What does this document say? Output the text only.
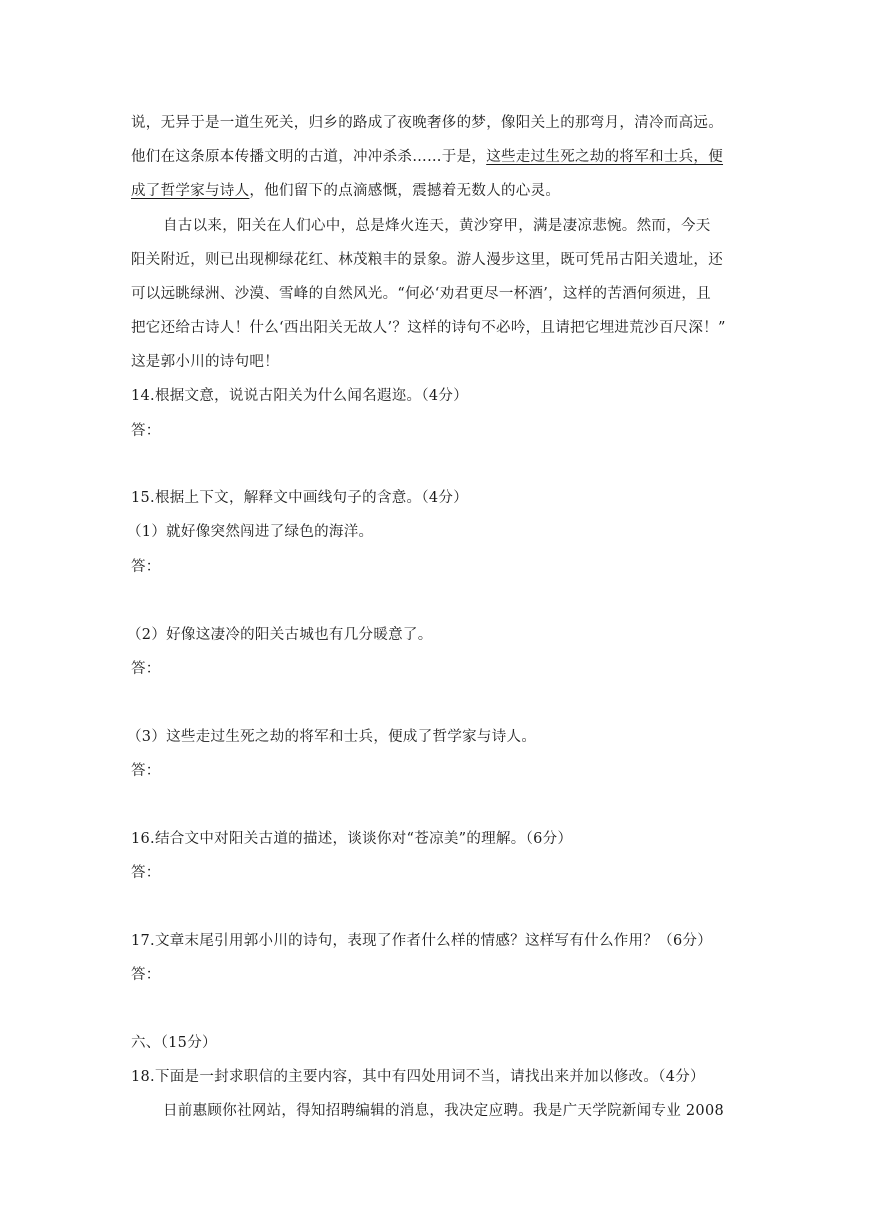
说，无异于是一道生死关，归乡的路成了夜晚奢侈的梦，像阳关上的那弯月，清冷而高远。
他们在这条原本传播文明的古道，冲冲杀杀……于是，这些走过生死之劫的将军和士兵，便
成了哲学家与诗人，他们留下的点滴感慨，震撼着无数人的心灵。
自古以来，阳关在人们心中，总是烽火连天，黄沙穿甲，满是凄凉悲惋。然而，今天
阳关附近，则已出现柳绿花红、林茂粮丰的景象。游人漫步这里，既可凭吊古阳关遗址，还
可以远眺绿洲、沙漠、雪峰的自然风光。“何必‘劝君更尽一杯酒’，这样的苦酒何须进，且
把它还给古诗人！什么‘西出阳关无故人’？这样的诗句不必吟，且请把它埋进荒沙百尺深！”
这是郭小川的诗句吧！
14.根据文意，说说古阳关为什么闻名遐迩。（4分）
答：
15.根据上下文，解释文中画线句子的含意。（4分）
（1）就好像突然闯进了绿色的海洋。
答：
（2）好像这凄冷的阳关古城也有几分暖意了。
答：
（3）这些走过生死之劫的将军和士兵，便成了哲学家与诗人。
答：
16.结合文中对阳关古道的描述，谈谈你对“苍凉美”的理解。（6分）
答：
17.文章末尾引用郭小川的诗句，表现了作者什么样的情感？这样写有什么作用？（6分）
答：
六、（15分）
18.下面是一封求职信的主要内容，其中有四处用词不当，请找出来并加以修改。（4分）
日前惠顾你社网站，得知招聘编辑的消息，我决定应聘。我是广天学院新闻专业 2008
